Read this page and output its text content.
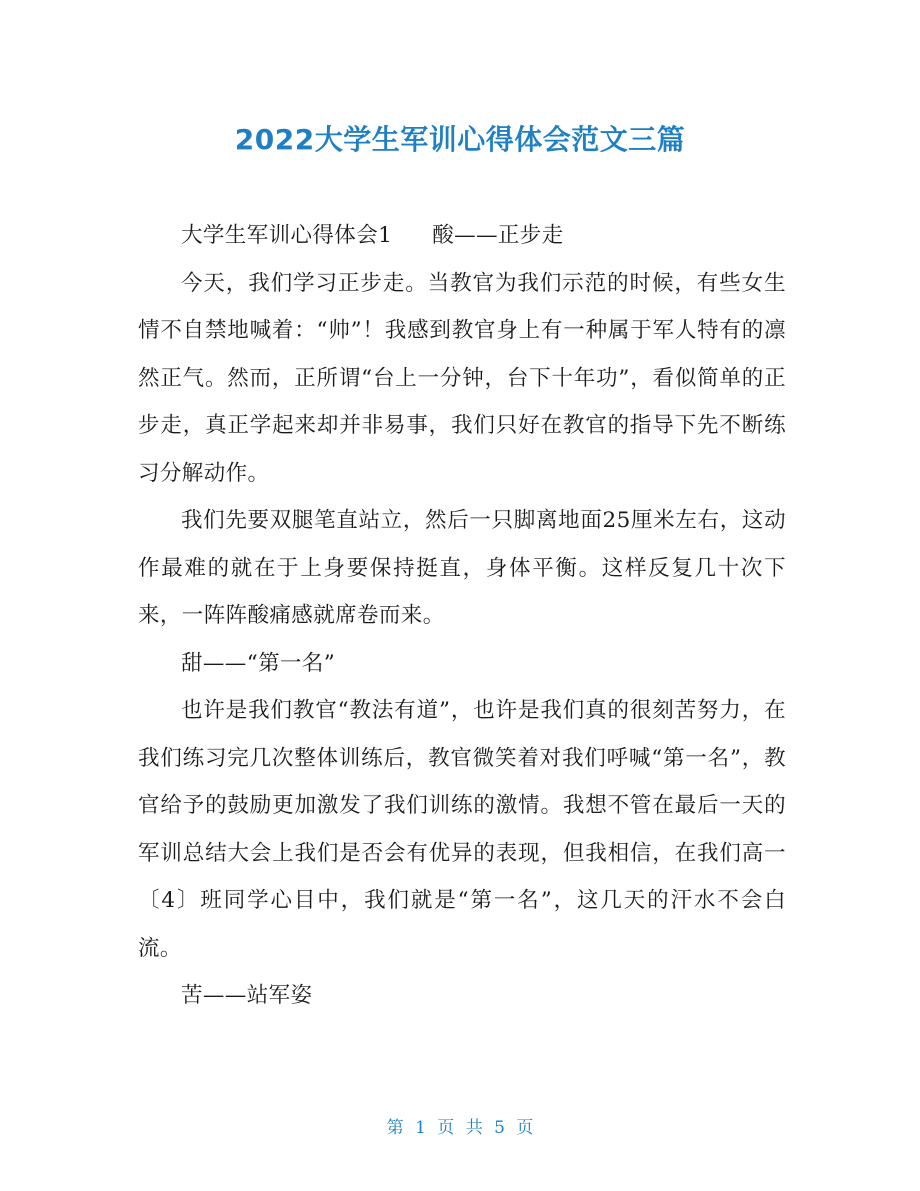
2022大学生军训心得体会范文三篇

大学生军训心得体会1 酸——正步走

今天，我们学习正步走。当教官为我们示范的时候，有些女生情不自禁地喊着：“帅”！我感到教官身上有一种属于军人特有的凛然正气。然而，正所谓“台上一分钟，台下十年功”，看似简单的正步走，真正学起来却并非易事，我们只好在教官的指导下先不断练习分解动作。

我们先要双腿笔直站立，然后一只脚离地面25厘米左右，这动作最难的就在于上身要保持挺直，身体平衡。这样反复几十次下来，一阵阵酸痛感就席卷而来。

甜——“第一名”

也许是我们教官“教法有道”，也许是我们真的很刻苦努力，在我们练习完几次整体训练后，教官微笑着对我们呼喊“第一名”，教官给予的鼓励更加激发了我们训练的激情。我想不管在最后一天的军训总结大会上我们是否会有优异的表现，但我相信，在我们高一〔4〕班同学心目中，我们就是“第一名”，这几天的汗水不会白流。

苦——站军姿

第 1 页 共 5 页
